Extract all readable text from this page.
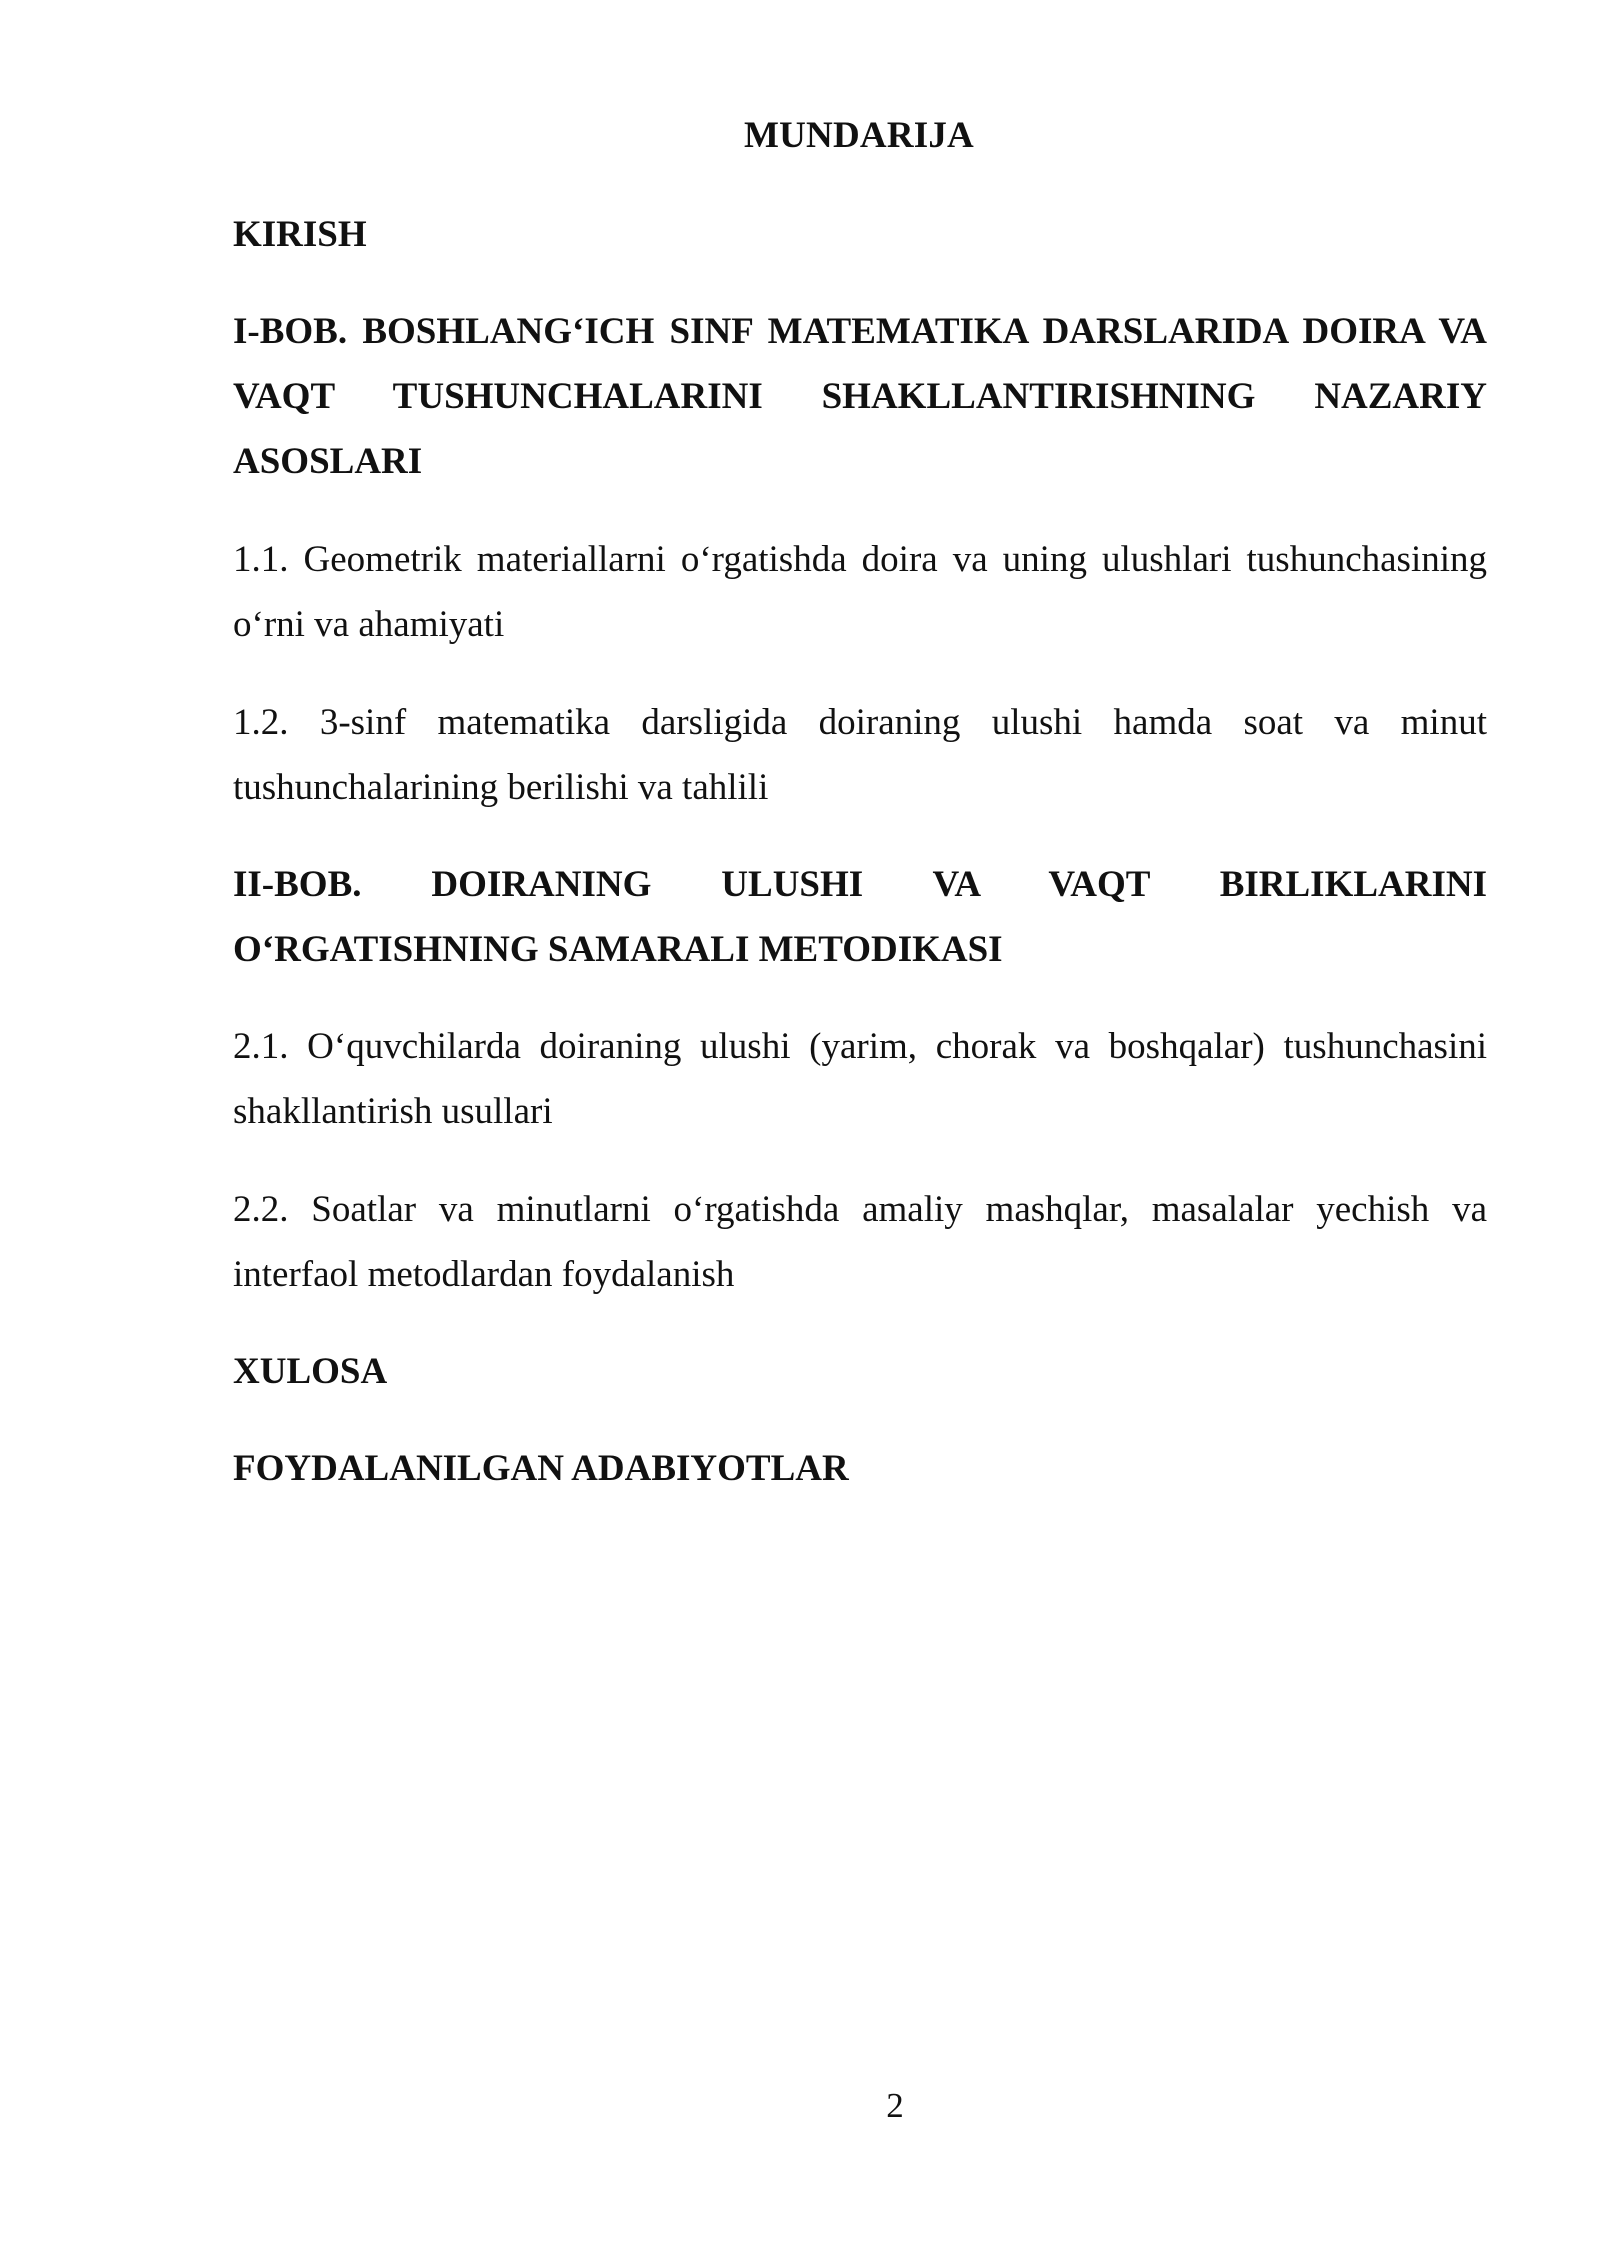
MUNDARIJA
KIRISH
I-BOB. BOSHLANG‘ICH SINF MATEMATIKA DARSLARIDA DOIRA VA VAQT TUSHUNCHALARINI SHAKLLANTIRISHNING NAZARIY ASOSLARI
1.1. Geometrik materiallarni o‘rgatishda doira va uning ulushlari tushunchasining o‘rni va ahamiyati
1.2. 3-sinf matematika darsligida doiraning ulushi hamda soat va minut tushunchalarining berilishi va tahlili
II-BOB. DOIRANING ULUSHI VA VAQT BIRLIKLARINI O‘RGATISHNING SAMARALI METODIKASI
2.1. O‘quvchilarda doiraning ulushi (yarim, chorak va boshqalar) tushunchasini shakllantirish usullari
2.2. Soatlar va minutlarni o‘rgatishda amaliy mashqlar, masalalar yechish va interfaol metodlardan foydalanish
XULOSA
FOYDALANILGAN ADABIYOTLAR
2
